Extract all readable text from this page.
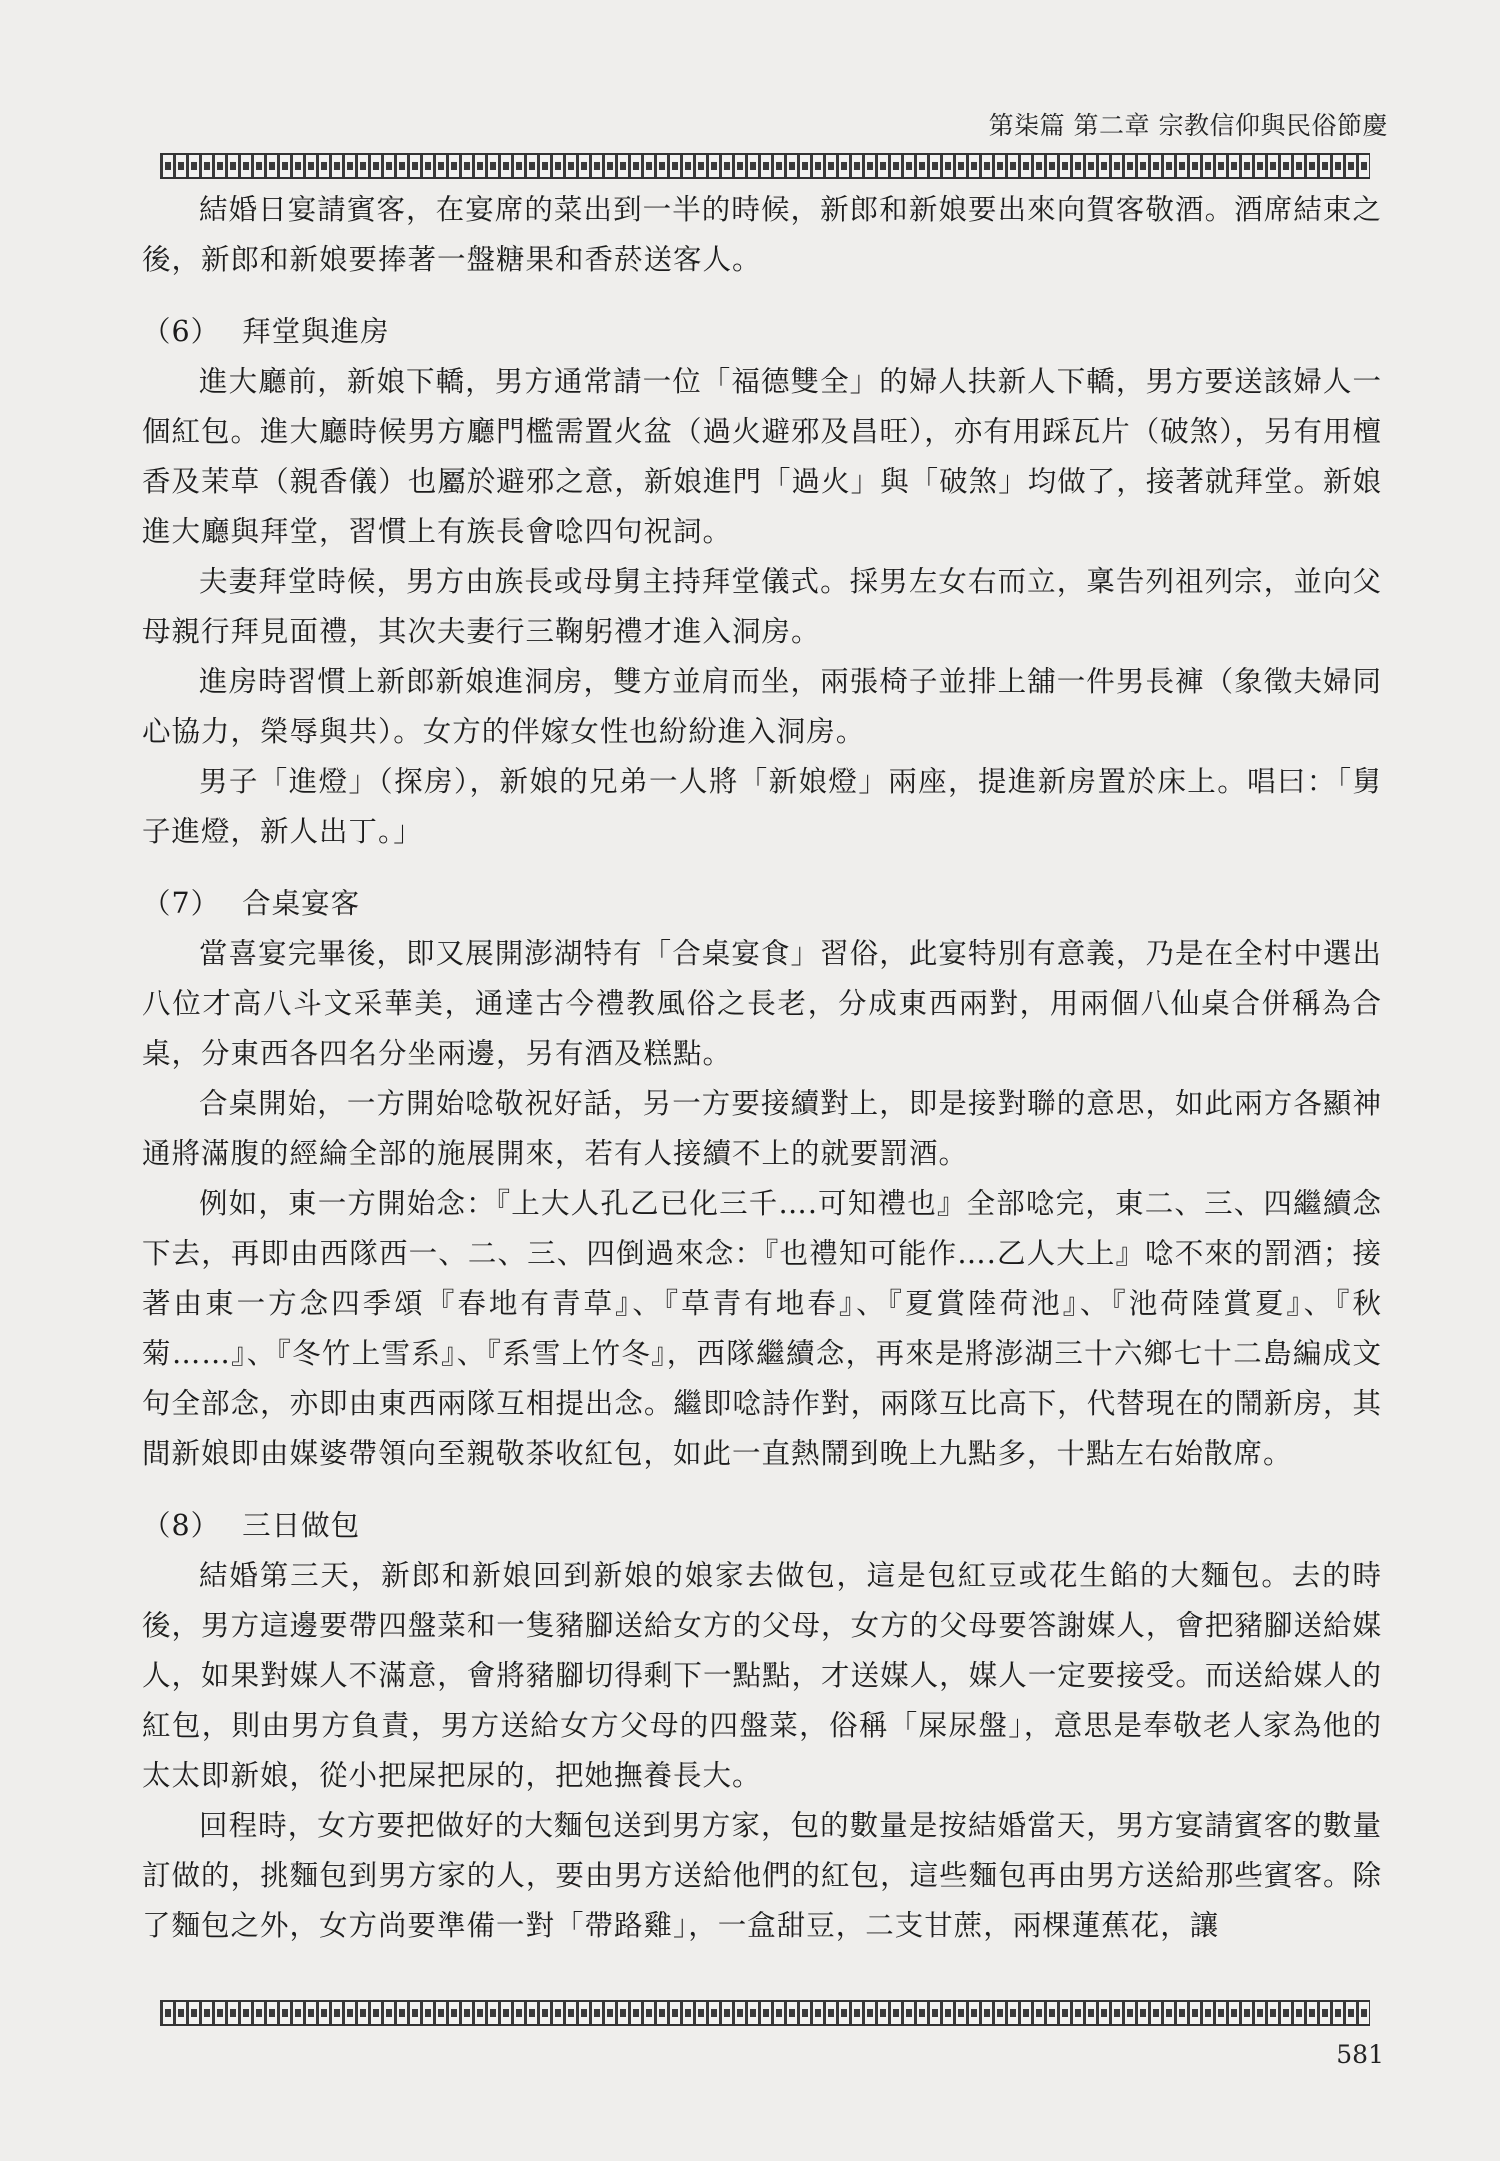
第柒篇 第二章 宗教信仰與民俗節慶

結婚日宴請賓客，在宴席的菜出到一半的時候，新郎和新娘要出來向賀客敬酒。酒席結束之後，新郎和新娘要捧著一盤糖果和香菸送客人。

（6） 拜堂與進房

進大廳前，新娘下轎，男方通常請一位「福德雙全」的婦人扶新人下轎，男方要送該婦人一個紅包。進大廳時候男方廳門檻需置火盆（過火避邪及昌旺），亦有用踩瓦片（破煞），另有用檀香及茉草（親香儀）也屬於避邪之意，新娘進門「過火」與「破煞」均做了，接著就拜堂。新娘進大廳與拜堂，習慣上有族長會唸四句祝詞。

夫妻拜堂時候，男方由族長或母舅主持拜堂儀式。採男左女右而立，稟告列祖列宗，並向父母親行拜見面禮，其次夫妻行三鞠躬禮才進入洞房。

進房時習慣上新郎新娘進洞房，雙方並肩而坐，兩張椅子並排上舖一件男長褲（象徵夫婦同心協力，榮辱與共）。女方的伴嫁女性也紛紛進入洞房。

男子「進燈」（探房），新娘的兄弟一人將「新娘燈」兩座，提進新房置於床上。唱曰：「舅子進燈，新人出丁。」

（7） 合桌宴客

當喜宴完畢後，即又展開澎湖特有「合桌宴食」習俗，此宴特別有意義，乃是在全村中選出八位才高八斗文采華美，通達古今禮教風俗之長老，分成東西兩對，用兩個八仙桌合併稱為合桌，分東西各四名分坐兩邊，另有酒及糕點。

合桌開始，一方開始唸敬祝好話，另一方要接續對上，即是接對聯的意思，如此兩方各顯神通將滿腹的經綸全部的施展開來，若有人接續不上的就要罰酒。

例如，東一方開始念：『上大人孔乙已化三千….可知禮也』全部唸完，東二、三、四繼續念下去，再即由西隊西一、二、三、四倒過來念：『也禮知可能作….乙人大上』唸不來的罰酒；接著由東一方念四季頌『春地有青草』、『草青有地春』、『夏賞陸荷池』、『池荷陸賞夏』、『秋菊……』、『冬竹上雪系』、『系雪上竹冬』，西隊繼續念，再來是將澎湖三十六鄉七十二島編成文句全部念，亦即由東西兩隊互相提出念。繼即唸詩作對，兩隊互比高下，代替現在的鬧新房，其間新娘即由媒婆帶領向至親敬茶收紅包，如此一直熱鬧到晚上九點多，十點左右始散席。

（8） 三日做包

結婚第三天，新郎和新娘回到新娘的娘家去做包，這是包紅豆或花生餡的大麵包。去的時後，男方這邊要帶四盤菜和一隻豬腳送給女方的父母，女方的父母要答謝媒人，會把豬腳送給媒人，如果對媒人不滿意，會將豬腳切得剩下一點點，才送媒人，媒人一定要接受。而送給媒人的紅包，則由男方負責，男方送給女方父母的四盤菜，俗稱「屎尿盤」，意思是奉敬老人家為他的太太即新娘，從小把屎把尿的，把她撫養長大。

回程時，女方要把做好的大麵包送到男方家，包的數量是按結婚當天，男方宴請賓客的數量訂做的，挑麵包到男方家的人，要由男方送給他們的紅包，這些麵包再由男方送給那些賓客。除了麵包之外，女方尚要準備一對「帶路雞」，一盒甜豆，二支甘蔗，兩棵蓮蕉花，讓

581
